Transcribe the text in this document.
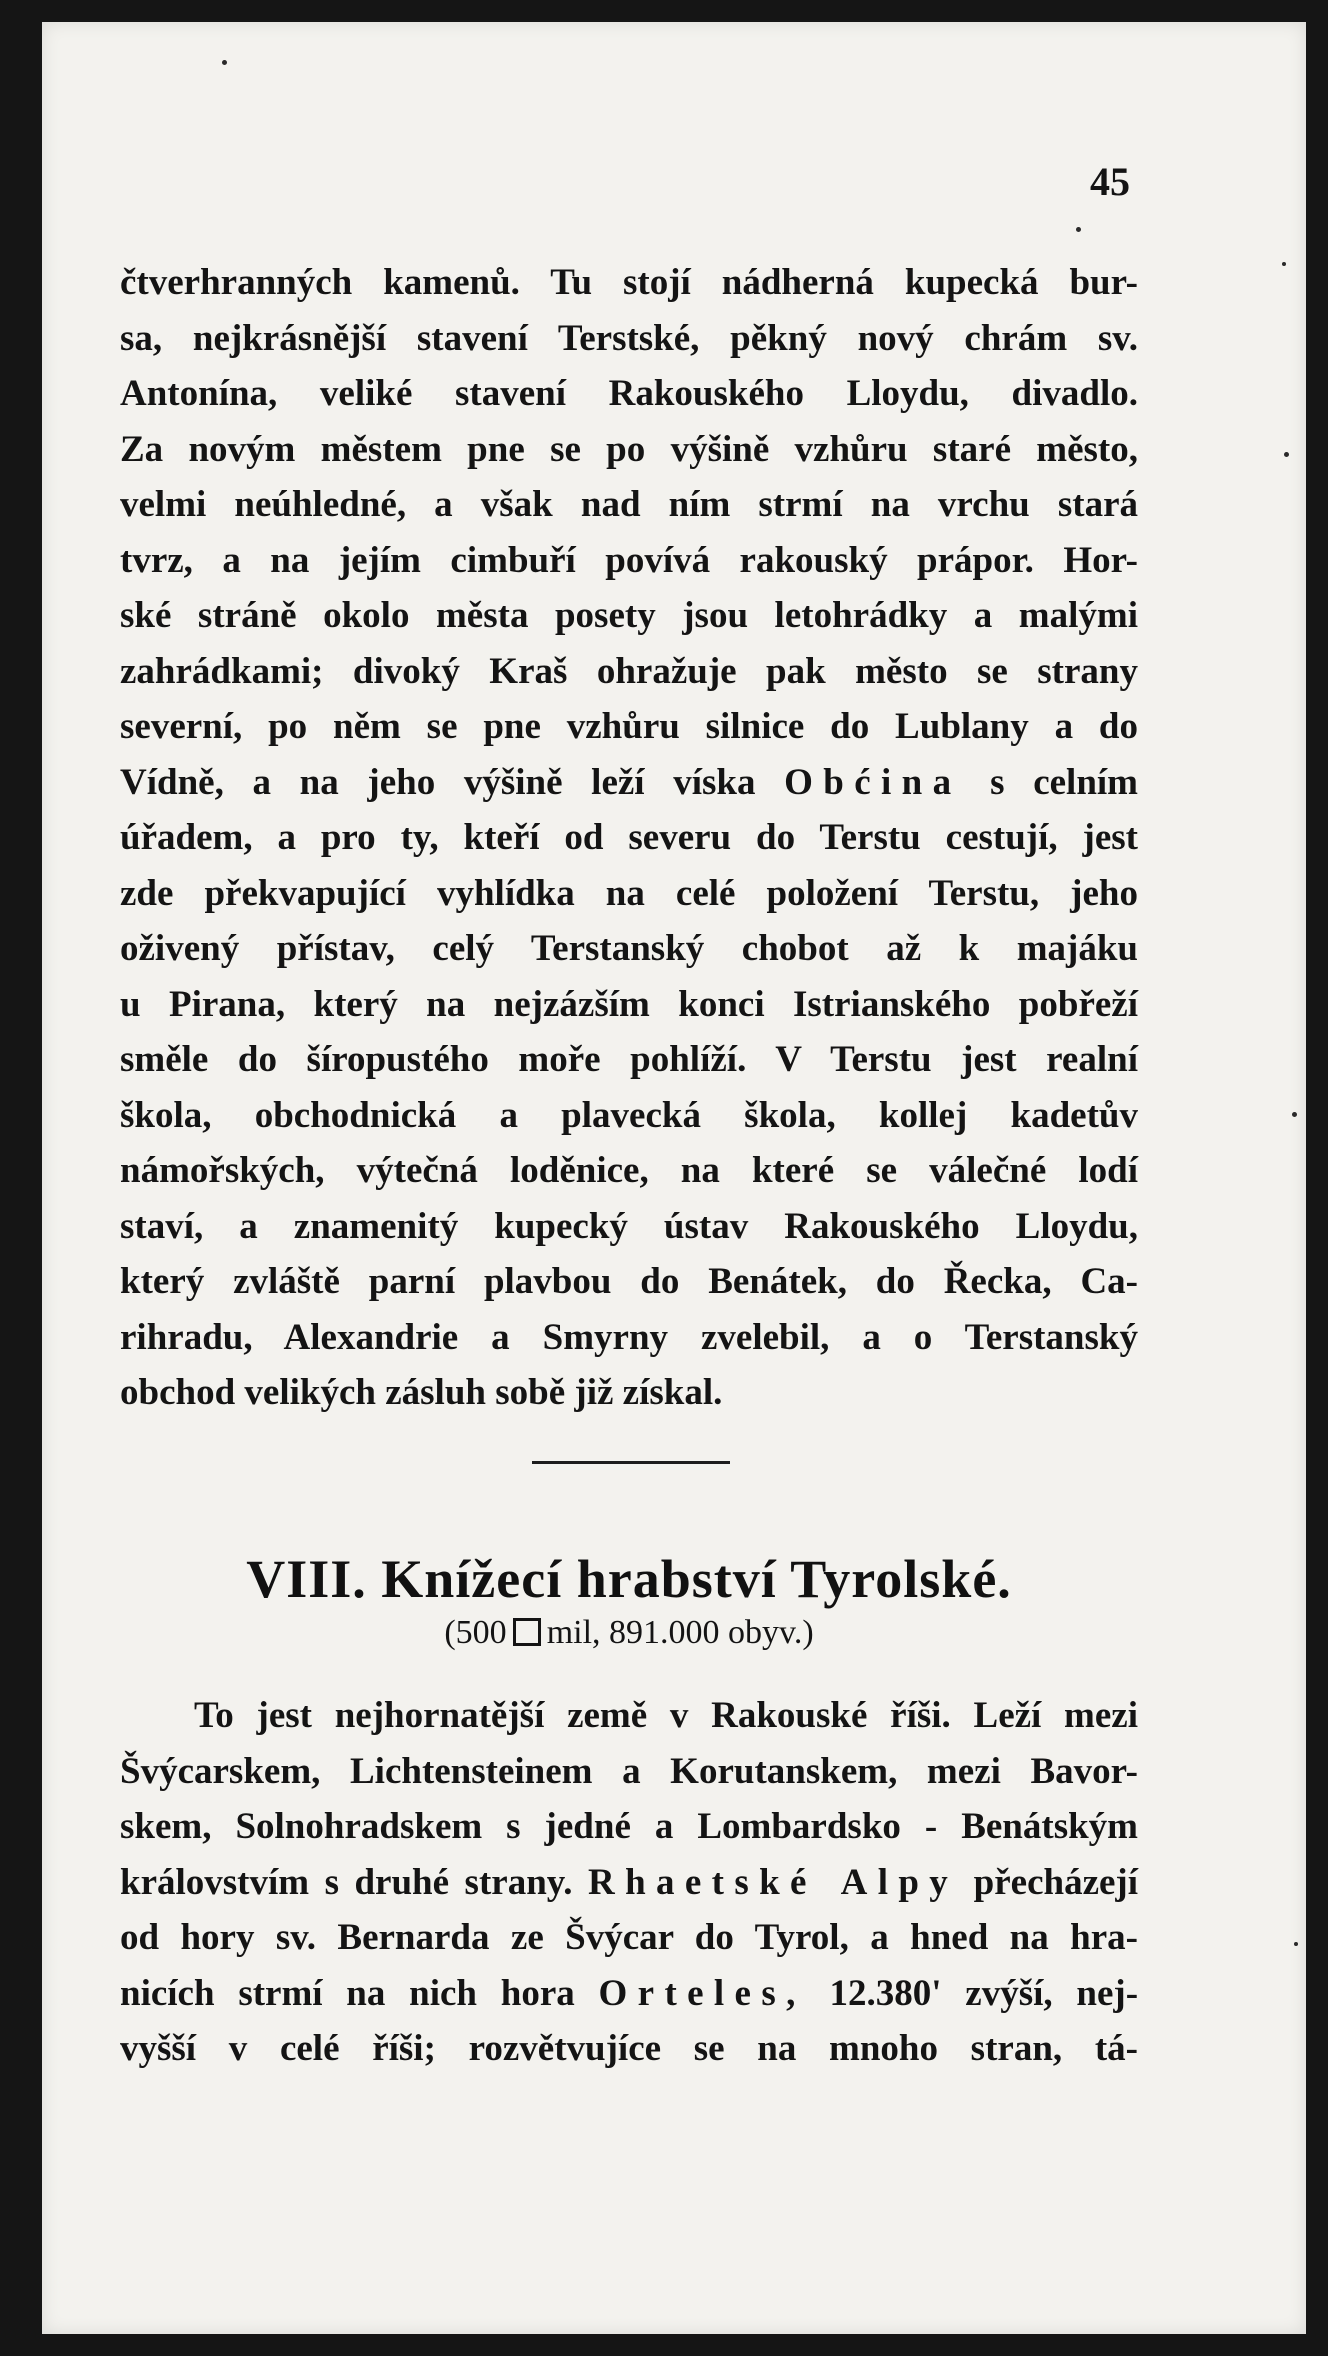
45
čtverhranných kamenů. Tu stojí nádherná kupecká bur-
sa, nejkrásnější stavení Terstské, pěkný nový chrám sv.
Antonína, veliké stavení Rakouského Lloydu, divadlo.
Za novým městem pne se po výšině vzhůru staré město,
velmi neúhledné, a však nad ním strmí na vrchu stará
tvrz, a na jejím cimbuří povívá rakouský prápor. Hor-
ské stráně okolo města posety jsou letohrádky a malými
zahrádkami; divoký Kraš ohražuje pak město se strany
severní, po něm se pne vzhůru silnice do Lublany a do
Vídně, a na jeho výšině leží víska Obćina s celním
úřadem, a pro ty, kteří od severu do Terstu cestují, jest
zde překvapující vyhlídka na celé položení Terstu, jeho
oživený přístav, celý Terstanský chobot až k majáku
u Pirana, který na nejzázším konci Istrianského pobřeží
směle do šíropustého moře pohlíží. V Terstu jest realní
škola, obchodnická a plavecká škola, kollej kadetův
námořských, výtečná loděnice, na které se válečné lodí
staví, a znamenitý kupecký ústav Rakouského Lloydu,
který zvláště parní plavbou do Benátek, do Řecka, Ca-
rihradu, Alexandrie a Smyrny zvelebil, a o Terstanský
obchod velikých zásluh sobě již získal.
VIII. Knížecí hrabství Tyrolské.
(500 mil, 891.000 obyv.)
To jest nejhornatější země v Rakouské říši. Leží mezi
Švýcarskem, Lichtensteinem a Korutanskem, mezi Bavor-
skem, Solnohradskem s jedné a Lombardsko - Benátským
královstvím s druhé strany. Rhaetské Alpy přecházejí
od hory sv. Bernarda ze Švýcar do Tyrol, a hned na hra-
nicích strmí na nich hora Orteles, 12.380' zvýší, nej-
vyšší v celé říši; rozvětvujíce se na mnoho stran, tá-
